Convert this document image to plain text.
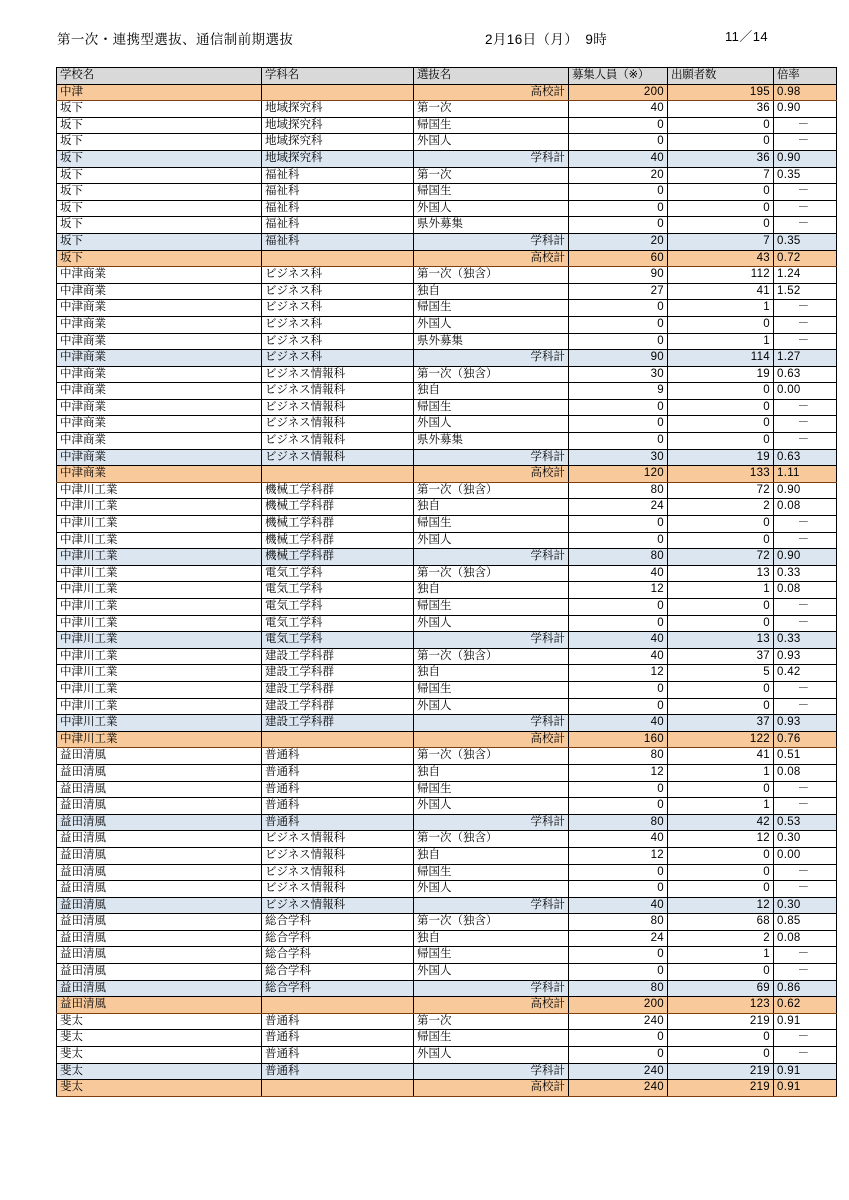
第一次・連携型選抜、通信制前期選抜	2月16日（月）　9時	11／14
学校名	学科名	選抜名	募集人員（※）	出願者数	倍率
中津		高校計	200	195	0.98
坂下	地域探究科	第一次	40	36	0.90
坂下	地域探究科	帰国生	0	0	－
坂下	地域探究科	外国人	0	0	－
坂下	地域探究科	学科計	40	36	0.90
坂下	福祉科	第一次	20	7	0.35
坂下	福祉科	帰国生	0	0	－
坂下	福祉科	外国人	0	0	－
坂下	福祉科	県外募集	0	0	－
坂下	福祉科	学科計	20	7	0.35
坂下		高校計	60	43	0.72
中津商業	ビジネス科	第一次（独含）	90	112	1.24
中津商業	ビジネス科	独自	27	41	1.52
中津商業	ビジネス科	帰国生	0	1	－
中津商業	ビジネス科	外国人	0	0	－
中津商業	ビジネス科	県外募集	0	1	－
中津商業	ビジネス科	学科計	90	114	1.27
中津商業	ビジネス情報科	第一次（独含）	30	19	0.63
中津商業	ビジネス情報科	独自	9	0	0.00
中津商業	ビジネス情報科	帰国生	0	0	－
中津商業	ビジネス情報科	外国人	0	0	－
中津商業	ビジネス情報科	県外募集	0	0	－
中津商業	ビジネス情報科	学科計	30	19	0.63
中津商業		高校計	120	133	1.11
中津川工業	機械工学科群	第一次（独含）	80	72	0.90
中津川工業	機械工学科群	独自	24	2	0.08
中津川工業	機械工学科群	帰国生	0	0	－
中津川工業	機械工学科群	外国人	0	0	－
中津川工業	機械工学科群	学科計	80	72	0.90
中津川工業	電気工学科	第一次（独含）	40	13	0.33
中津川工業	電気工学科	独自	12	1	0.08
中津川工業	電気工学科	帰国生	0	0	－
中津川工業	電気工学科	外国人	0	0	－
中津川工業	電気工学科	学科計	40	13	0.33
中津川工業	建設工学科群	第一次（独含）	40	37	0.93
中津川工業	建設工学科群	独自	12	5	0.42
中津川工業	建設工学科群	帰国生	0	0	－
中津川工業	建設工学科群	外国人	0	0	－
中津川工業	建設工学科群	学科計	40	37	0.93
中津川工業		高校計	160	122	0.76
益田清風	普通科	第一次（独含）	80	41	0.51
益田清風	普通科	独自	12	1	0.08
益田清風	普通科	帰国生	0	0	－
益田清風	普通科	外国人	0	1	－
益田清風	普通科	学科計	80	42	0.53
益田清風	ビジネス情報科	第一次（独含）	40	12	0.30
益田清風	ビジネス情報科	独自	12	0	0.00
益田清風	ビジネス情報科	帰国生	0	0	－
益田清風	ビジネス情報科	外国人	0	0	－
益田清風	ビジネス情報科	学科計	40	12	0.30
益田清風	総合学科	第一次（独含）	80	68	0.85
益田清風	総合学科	独自	24	2	0.08
益田清風	総合学科	帰国生	0	1	－
益田清風	総合学科	外国人	0	0	－
益田清風	総合学科	学科計	80	69	0.86
益田清風		高校計	200	123	0.62
斐太	普通科	第一次	240	219	0.91
斐太	普通科	帰国生	0	0	－
斐太	普通科	外国人	0	0	－
斐太	普通科	学科計	240	219	0.91
斐太		高校計	240	219	0.91
